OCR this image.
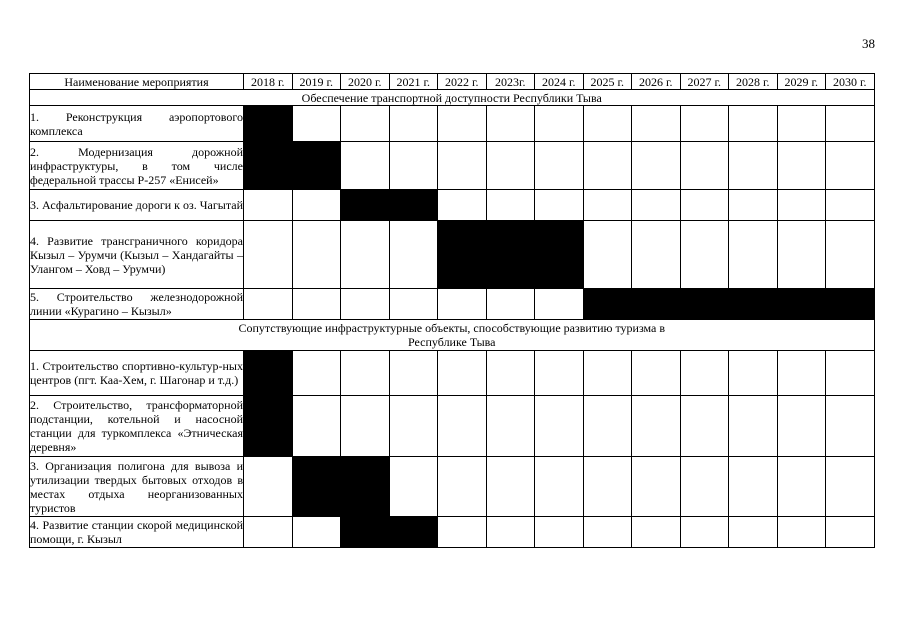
38
Наименование мероприятия	2018 г.	2019 г.	2020 г.	2021 г.	2022 г.	2023г.	2024 г.	2025 г.	2026 г.	2027 г.	2028 г.	2029 г.	2030 г.
Обеспечение транспортной доступности Республики Тыва													
1. Реконструкция аэропортового комплекса													
2. Модернизация дорожной инфраструктуры, в том числе федеральной трассы Р-257 «Енисей»													
3. Асфальтирование дороги к оз. Чагытай													
4. Развитие трансграничного коридора Кызыл – Урумчи (Кызыл – Хандагайты – Улангом – Ховд – Урумчи)													
5. Строительство железнодорожной линии «Курагино – Кызыл»													
Сопутствующие инфраструктурные объекты, способствующие развитию туризма в Республике Тыва													
1. Строительство спортивно-культур-ных центров (пгт. Каа-Хем, г. Шагонар и т.д.)													
2. Строительство, трансформаторной подстанции, котельной и насосной станции для туркомплекса «Этническая деревня»													
3. Организация полигона для вывоза и утилизации твердых бытовых отходов в местах отдыха неорганизованных туристов													
4. Развитие станции скорой медицинской помощи, г. Кызыл													
